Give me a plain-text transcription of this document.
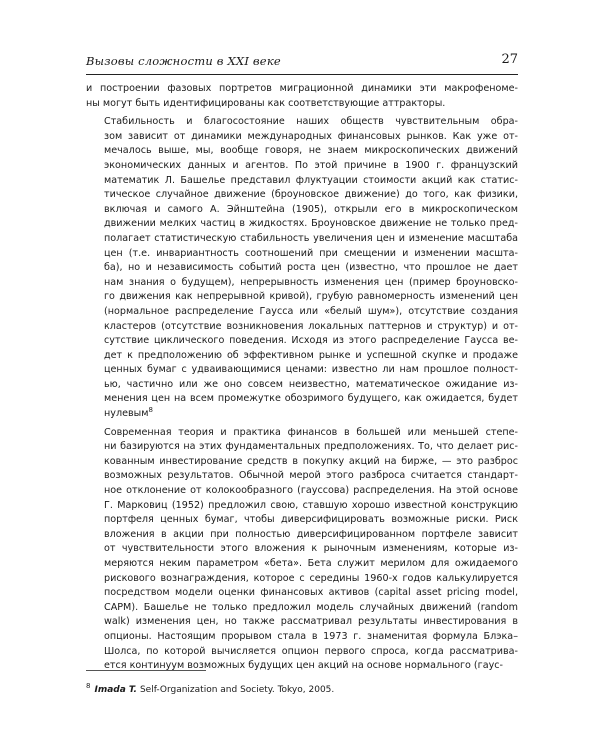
Вызовы сложности в XXI веке	27

и построении фазовых портретов миграционной динамики эти макрофеноме-
ны могут быть идентифицированы как соответствующие аттракторы.

Стабильность и благосостояние наших обществ чувствительным обра-
зом зависит от динамики международных финансовых рынков. Как уже от-
мечалось выше, мы, вообще говоря, не знаем микроскопических движений
экономических данных и агентов. По этой причине в 1900 г. французский
математик Л. Башелье представил флуктуации стоимости акций как статис-
тическое случайное движение (броуновское движение) до того, как физики,
включая и самого А. Эйнштейна (1905), открыли его в микроскопическом
движении мелких частиц в жидкостях. Броуновское движение не только пред-
полагает статистическую стабильность увеличения цен и изменение масштаба
цен (т.е. инвариантность соотношений при смещении и изменении масшта-
ба), но и независимость событий роста цен (известно, что прошлое не дает
нам знания о будущем), непрерывность изменения цен (пример броуновско-
го движения как непрерывной кривой), грубую равномерность изменений цен
(нормальное распределение Гаусса или «белый шум»), отсутствие создания
кластеров (отсутствие возникновения локальных паттернов и структур) и от-
сутствие циклического поведения. Исходя из этого распределение Гаусса ве-
дет к предположению об эффективном рынке и успешной скупке и продаже
ценных бумаг с удваивающимися ценами: известно ли нам прошлое полност-
ью, частично или же оно совсем неизвестно, математическое ожидание из-
менения цен на всем промежутке обозримого будущего, как ожидается, будет
нулевым$^8$

Современная теория и практика финансов в большей или меньшей степе-
ни базируются на этих фундаментальных предположениях. То, что делает рис-
кованным инвестирование средств в покупку акций на бирже, — это разброс
возможных результатов. Обычной мерой этого разброса считается стандарт-
ное отклонение от колокообразного (гауссова) распределения. На этой основе
Г. Марковиц (1952) предложил свою, ставшую хорошо известной конструкцию
портфеля ценных бумаг, чтобы диверсифицировать возможные риски. Риск
вложения в акции при полностью диверсифицированном портфеле зависит
от чувствительности этого вложения к рыночным изменениям, которые из-
меряются неким параметром «бета». Бета служит мерилом для ожидаемого
рискового вознаграждения, которое с середины 1960-х годов калькулируется
посредством модели оценки финансовых активов (capital asset pricing model,
CAPM). Башелье не только предложил модель случайных движений (random
walk) изменения цен, но также рассматривал результаты инвестирования в
опционы. Настоящим прорывом стала в 1973 г. знаменитая формула Блэка–
Шолса, по которой вычисляется опцион первого спроса, когда рассматрива-
ется континуум возможных будущих цен акций на основе нормального (гаус-

$^8$ Imada T. Self-Organization and Society. Tokyo, 2005.
